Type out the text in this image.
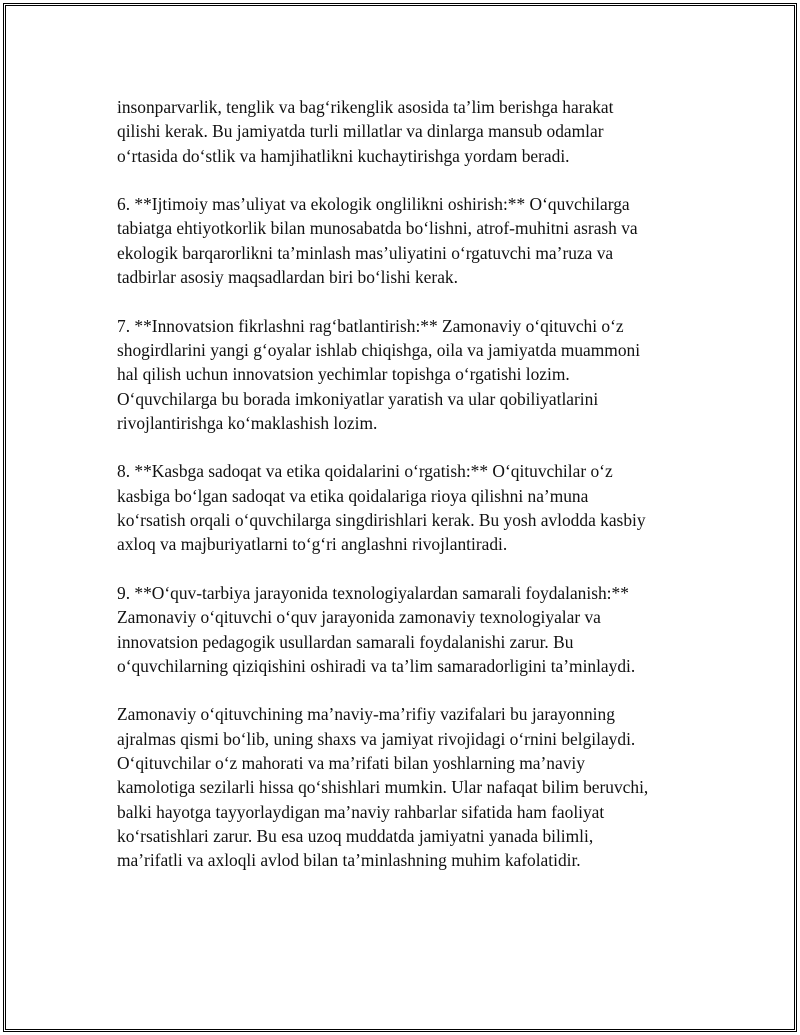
insonparvarlik, tenglik va bag‘rikenglik asosida ta’lim berishga harakat
qilishi kerak. Bu jamiyatda turli millatlar va dinlarga mansub odamlar
o‘rtasida do‘stlik va hamjihatlikni kuchaytirishga yordam beradi.

6. **Ijtimoiy mas’uliyat va ekologik onglilikni oshirish:** O‘quvchilarga
tabiatga ehtiyotkorlik bilan munosabatda bo‘lishni, atrof-muhitni asrash va
ekologik barqarorlikni ta’minlash mas’uliyatini o‘rgatuvchi ma’ruza va
tadbirlar asosiy maqsadlardan biri bo‘lishi kerak.

7. **Innovatsion fikrlashni rag‘batlantirish:** Zamonaviy o‘qituvchi o‘z
shogirdlarini yangi g‘oyalar ishlab chiqishga, oila va jamiyatda muammoni
hal qilish uchun innovatsion yechimlar topishga o‘rgatishi lozim.
O‘quvchilarga bu borada imkoniyatlar yaratish va ular qobiliyatlarini
rivojlantirishga ko‘maklashish lozim.

8. **Kasbga sadoqat va etika qoidalarini o‘rgatish:** O‘qituvchilar o‘z
kasbiga bo‘lgan sadoqat va etika qoidalariga rioya qilishni na’muna
ko‘rsatish orqali o‘quvchilarga singdirishlari kerak. Bu yosh avlodda kasbiy
axloq va majburiyatlarni to‘g‘ri anglashni rivojlantiradi.

9. **O‘quv-tarbiya jarayonida texnologiyalardan samarali foydalanish:**
Zamonaviy o‘qituvchi o‘quv jarayonida zamonaviy texnologiyalar va
innovatsion pedagogik usullardan samarali foydalanishi zarur. Bu
o‘quvchilarning qiziqishini oshiradi va ta’lim samaradorligini ta’minlaydi.

Zamonaviy o‘qituvchining ma’naviy-ma’rifiy vazifalari bu jarayonning
ajralmas qismi bo‘lib, uning shaxs va jamiyat rivojidagi o‘rnini belgilaydi.
O‘qituvchilar o‘z mahorati va ma’rifati bilan yoshlarning ma’naviy
kamolotiga sezilarli hissa qo‘shishlari mumkin. Ular nafaqat bilim beruvchi,
balki hayotga tayyorlaydigan ma’naviy rahbarlar sifatida ham faoliyat
ko‘rsatishlari zarur. Bu esa uzoq muddatda jamiyatni yanada bilimli,
ma’rifatli va axloqli avlod bilan ta’minlashning muhim kafolatidir.
